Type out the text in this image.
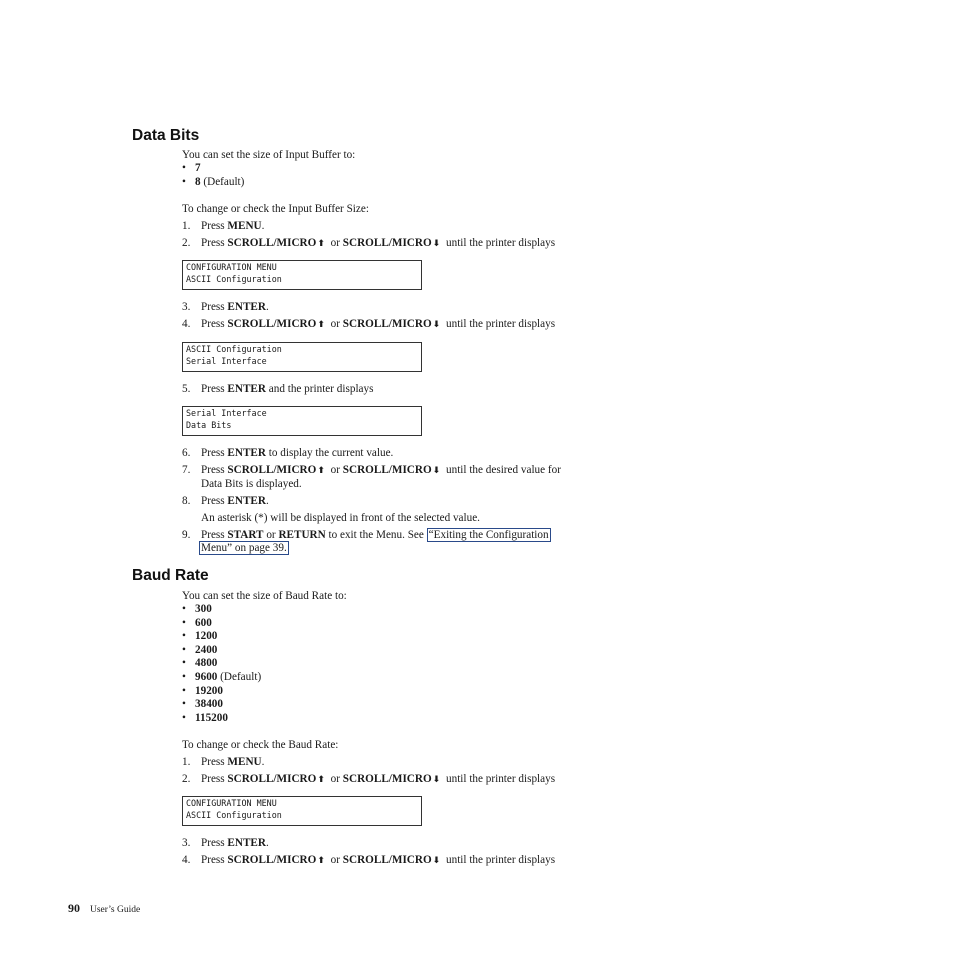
Data Bits
You can set the size of Input Buffer to:
• 7
• 8 (Default)
To change or check the Input Buffer Size:
1. Press MENU.
2. Press SCROLL/MICRO⬆ or SCROLL/MICRO⬇ until the printer displays
CONFIGURATION MENU
ASCII Configuration
3. Press ENTER.
4. Press SCROLL/MICRO⬆ or SCROLL/MICRO⬇ until the printer displays
ASCII Configuration
Serial Interface
5. Press ENTER and the printer displays
Serial Interface
Data Bits
6. Press ENTER to display the current value.
7. Press SCROLL/MICRO⬆ or SCROLL/MICRO⬇ until the desired value for
Data Bits is displayed.
8. Press ENTER.
An asterisk (*) will be displayed in front of the selected value.
9. Press START or RETURN to exit the Menu. See “Exiting the Configuration
Menu” on page 39.
Baud Rate
You can set the size of Baud Rate to:
• 300
• 600
• 1200
• 2400
• 4800
• 9600 (Default)
• 19200
• 38400
• 115200
To change or check the Baud Rate:
1. Press MENU.
2. Press SCROLL/MICRO⬆ or SCROLL/MICRO⬇ until the printer displays
CONFIGURATION MENU
ASCII Configuration
3. Press ENTER.
4. Press SCROLL/MICRO⬆ or SCROLL/MICRO⬇ until the printer displays
90 User’s Guide
